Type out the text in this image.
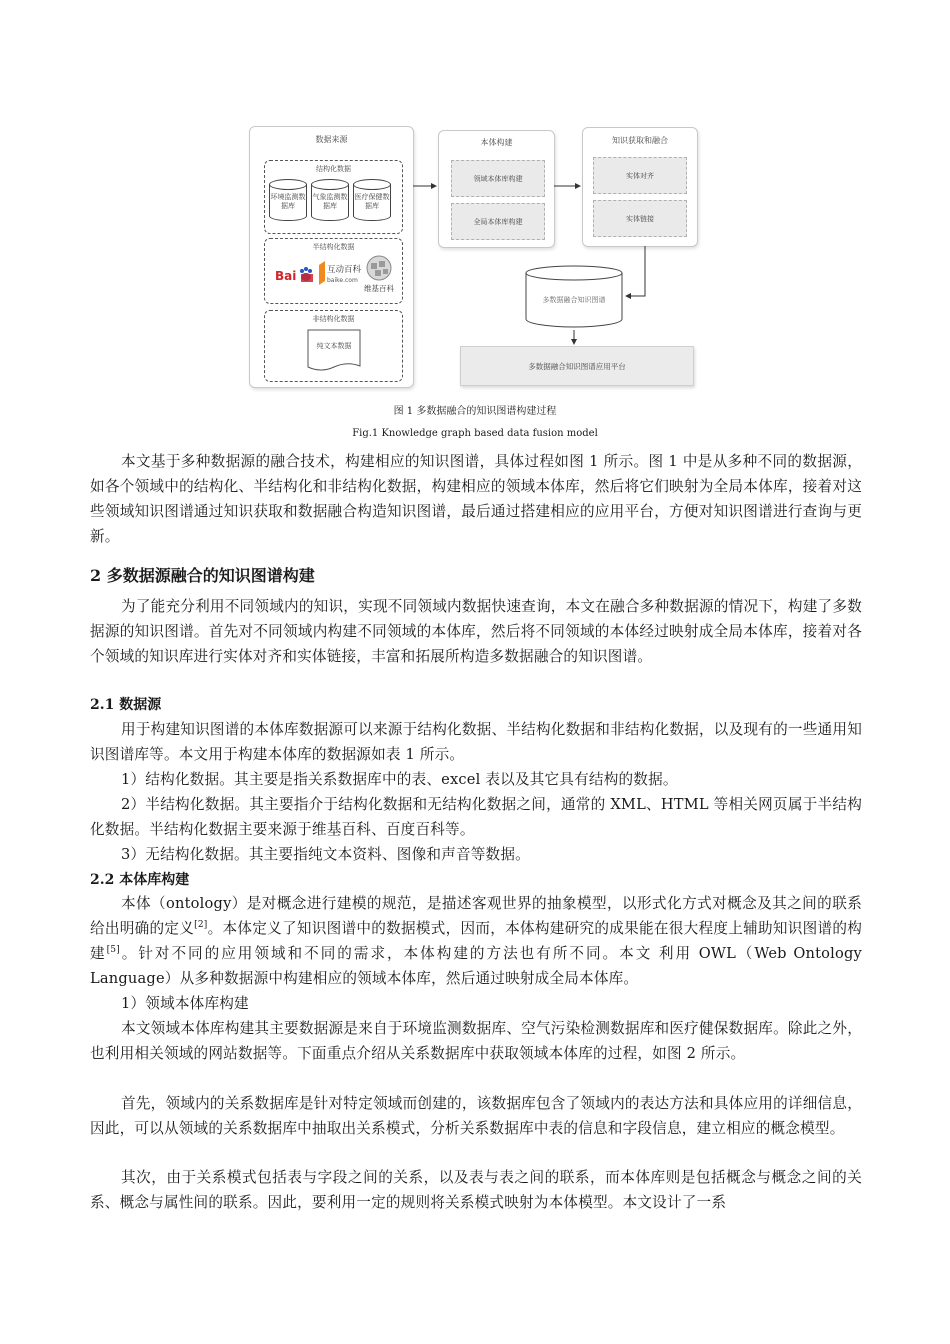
数据来源
结构化数据
环境监测数据库
气象监测数据库
医疗保健数据库
半结构化数据
Bai	互动百科
baike.com
维基百科
非结构化数据
纯文本数据
本体构建
领域本体库构建
全局本体库构建
知识获取和融合
实体对齐
实体链接
多数据融合知识图谱
多数据融合知识图谱应用平台
图 1 多数据融合的知识图谱构建过程
Fig.1 Knowledge graph based data fusion model

本文基于多种数据源的融合技术，构建相应的知识图谱，具体过程如图 1 所示。图 1 中是从多种不同的数据源，如各个领域中的结构化、半结构化和非结构化数据，构建相应的领域本体库，然后将它们映射为全局本体库，接着对这些领域知识图谱通过知识获取和数据融合构造知识图谱，最后通过搭建相应的应用平台，方便对知识图谱进行查询与更新。

2 多数据源融合的知识图谱构建

为了能充分利用不同领域内的知识，实现不同领域内数据快速查询，本文在融合多种数据源的情况下，构建了多数据源的知识图谱。首先对不同领域内构建不同领域的本体库，然后将不同领域的本体经过映射成全局本体库，接着对各个领域的知识库进行实体对齐和实体链接，丰富和拓展所构造多数据融合的知识图谱。

2.1 数据源

用于构建知识图谱的本体库数据源可以来源于结构化数据、半结构化数据和非结构化数据，以及现有的一些通用知识图谱库等。本文用于构建本体库的数据源如表 1 所示。

1）结构化数据。其主要是指关系数据库中的表、excel 表以及其它具有结构的数据。

2）半结构化数据。其主要指介于结构化数据和无结构化数据之间，通常的 XML、HTML 等相关网页属于半结构化数据。半结构化数据主要来源于维基百科、百度百科等。

3）无结构化数据。其主要指纯文本资料、图像和声音等数据。

2.2 本体库构建

本体（ontology）是对概念进行建模的规范，是描述客观世界的抽象模型，以形式化方式对概念及其之间的联系给出明确的定义[2]。本体定义了知识图谱中的数据模式，因而，本体构建研究的成果能在很大程度上辅助知识图谱的构建[5]。针对不同的应用领域和不同的需求，本体构建的方法也有所不同。本文 利用 OWL（Web Ontology Language）从多种数据源中构建相应的领域本体库，然后通过映射成全局本体库。

1）领域本体库构建

本文领域本体库构建其主要数据源是来自于环境监测数据库、空气污染检测数据库和医疗健保数据库。除此之外，也利用相关领域的网站数据等。下面重点介绍从关系数据库中获取领域本体库的过程，如图 2 所示。

首先，领域内的关系数据库是针对特定领域而创建的，该数据库包含了领域内的表达方法和具体应用的详细信息，因此，可以从领域的关系数据库中抽取出关系模式，分析关系数据库中表的信息和字段信息，建立相应的概念模型。

其次，由于关系模式包括表与字段之间的关系，以及表与表之间的联系，而本体库则是包括概念与概念之间的关系、概念与属性间的联系。因此，要利用一定的规则将关系模式映射为本体模型。本文设计了一系
